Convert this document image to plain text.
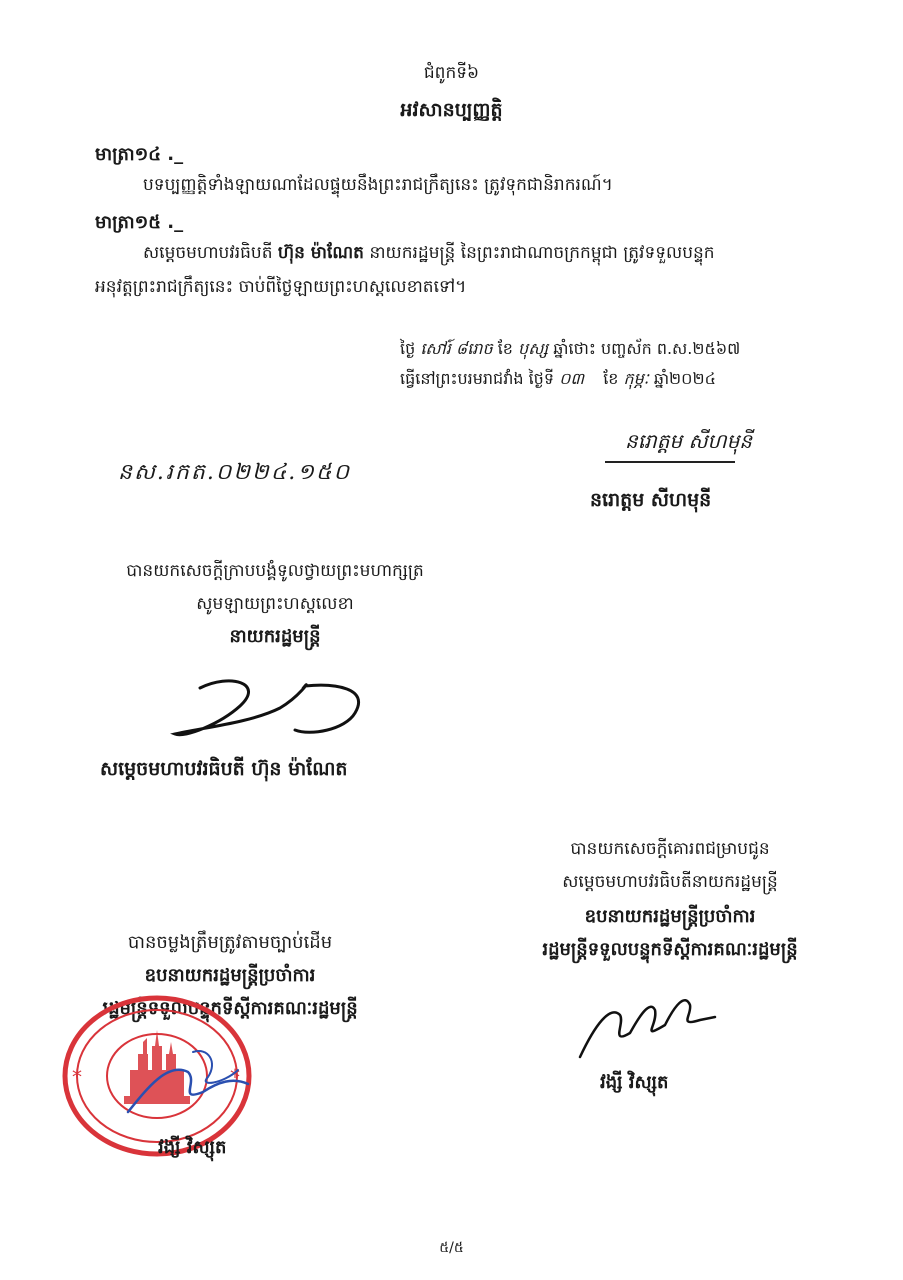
ជំពូកទី៦
អវសានប្បញ្ញត្តិ
មាត្រា១៤ ._
បទប្បញ្ញត្តិទាំងឡាយណាដែលផ្ទុយនឹងព្រះរាជក្រឹត្យនេះ ត្រូវទុកជានិរាករណ៍។
មាត្រា១៥ ._
សម្តេចមហាបវរធិបតី ហ៊ុន ម៉ាណែត នាយករដ្ឋមន្ត្រី នៃព្រះរាជាណាចក្រកម្ពុជា ត្រូវទទួលបន្ទុក
អនុវត្តព្រះរាជក្រឹត្យនេះ ចាប់ពីថ្ងៃឡាយព្រះហស្តលេខាតទៅ។
ថ្ងៃ សៅរ៍ ៨រោច ខែ បុស្ស ឆ្នាំថោះ បញ្ចស័ក ព.ស.២៥៦៧
ធ្វើនៅព្រះបរមរាជវាំង ថ្ងៃទី ០៣ ខែ កុម្ភៈ ឆ្នាំ២០២៤
នរោត្តម សីហមុនី
នរោត្តម សីហមុនី
នស.រកត.០២២៤.១៥០
បានយកសេចក្តីក្រាបបង្គំទូលថ្វាយព្រះមហាក្សត្រ
សូមឡាយព្រះហស្តលេខា
នាយករដ្ឋមន្ត្រី
សម្តេចមហាបវរធិបតី ហ៊ុន ម៉ាណែត
បានយកសេចក្តីគោរពជម្រាបជូន
សម្តេចមហាបវរធិបតីនាយករដ្ឋមន្ត្រី
ឧបនាយករដ្ឋមន្ត្រីប្រចាំការ
រដ្ឋមន្ត្រីទទួលបន្ទុកទីស្តីការគណៈរដ្ឋមន្ត្រី
វង្សី វិស្សុត
បានចម្លងត្រឹមត្រូវតាមច្បាប់ដើម
ឧបនាយករដ្ឋមន្ត្រីប្រចាំការ
រដ្ឋមន្ត្រីទទួលបន្ទុកទីស្តីការគណៈរដ្ឋមន្ត្រី
*	*
វង្សី វិស្សុត
៥/៥
